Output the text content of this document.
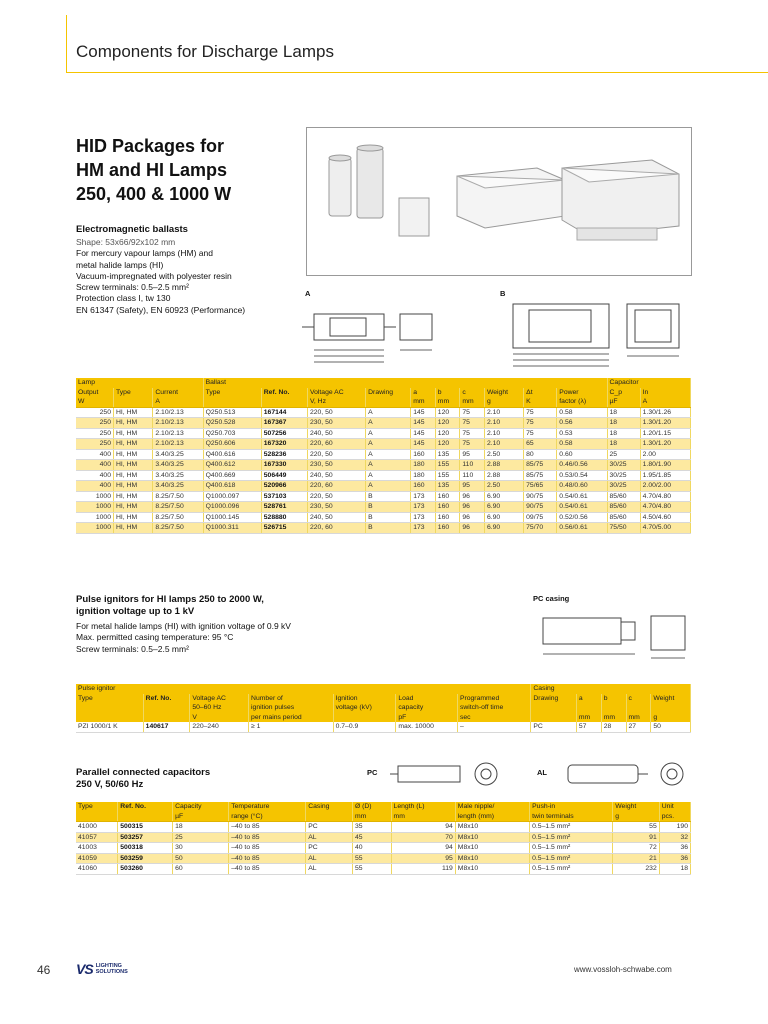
Components for Discharge Lamps
HID Packages for
HM and HI Lamps
250, 400 & 1000 W
Electromagnetic ballasts
Shape: 53x66/92x102 mm
For mercury vapour lamps (HM) and
metal halide lamps (HI)
Vacuum-impregnated with polyester resin
Screw terminals: 0.5–2.5 mm²
Protection class I, tw 130
EN 61347 (Safety), EN 60923 (Performance)
A	B
Lamp			Ballast										Capacitor	
Output	Type	Current	Type	Ref. No.	Voltage AC	Drawing	a	b	c	Weight	Δt	Power	C_p	In
W		A			V, Hz		mm	mm	mm	g	K	factor (λ)	µF	A
250	HI, HM	2.10/2.13	Q250.513	167144	220, 50	A	145	120	75	2.10	75	0.58	18	1.30/1.26
250	HI, HM	2.10/2.13	Q250.528	167367	230, 50	A	145	120	75	2.10	75	0.56	18	1.30/1.20
250	HI, HM	2.10/2.13	Q250.703	507256	240, 50	A	145	120	75	2.10	75	0.53	18	1.20/1.15
250	HI, HM	2.10/2.13	Q250.606	167320	220, 60	A	145	120	75	2.10	65	0.58	18	1.30/1.20
400	HI, HM	3.40/3.25	Q400.616	528236	220, 50	A	160	135	95	2.50	80	0.60	25	2.00
400	HI, HM	3.40/3.25	Q400.612	167330	230, 50	A	180	155	110	2.88	85/75	0.46/0.56	30/25	1.80/1.90
400	HI, HM	3.40/3.25	Q400.669	506449	240, 50	A	180	155	110	2.88	85/75	0.53/0.54	30/25	1.95/1.85
400	HI, HM	3.40/3.25	Q400.618	520966	220, 60	A	160	135	95	2.50	75/65	0.48/0.60	30/25	2.00/2.00
1000	HI, HM	8.25/7.50	Q1000.097	537103	220, 50	B	173	160	96	6.90	90/75	0.54/0.61	85/60	4.70/4.80
1000	HI, HM	8.25/7.50	Q1000.096	528761	230, 50	B	173	160	96	6.90	90/75	0.54/0.61	85/60	4.70/4.80
1000	HI, HM	8.25/7.50	Q1000.145	528880	240, 50	B	173	160	96	6.90	09/75	0.52/0.56	85/60	4.50/4.60
1000	HI, HM	8.25/7.50	Q1000.311	526715	220, 60	B	173	160	96	6.90	75/70	0.56/0.61	75/50	4.70/5.00
Pulse ignitors for HI lamps 250 to 2000 W,
ignition voltage up to 1 kV
For metal halide lamps (HI) with ignition voltage of 0.9 kV
Max. permitted casing temperature: 95 °C
Screw terminals: 0.5–2.5 mm²
PC casing
Pulse ignitor							Casing				
Type	Ref. No.	Voltage AC	Number of	Ignition	Load	Programmed	Drawing	a	b	c	Weight
		50–60 Hz	ignition pulses	voltage (kV)	capacity	switch-off time					
		V	per mains period		pF	sec		mm	mm	mm	g
PZI 1000/1 K	140617	220–240	≥ 1	0.7–0.9	max. 10000	–	PC	57	28	27	50
Parallel connected capacitors
250 V, 50/60 Hz
PC	AL
Type	Ref. No.	Capacity	Temperature	Casing	Ø (D)	Length (L)	Male nipple/	Push-in	Weight	Unit
		µF	range (°C)		mm	mm	length (mm)	twin terminals	g	pcs.
41000	500315	18	–40 to 85	PC	35	94	M8x10	0.5–1.5 mm²	55	190
41057	503257	25	–40 to 85	AL	45	70	M8x10	0.5–1.5 mm²	91	32
41003	500318	30	–40 to 85	PC	40	94	M8x10	0.5–1.5 mm²	72	36
41059	503259	50	–40 to 85	AL	55	95	M8x10	0.5–1.5 mm²	21	36
41060	503260	60	–40 to 85	AL	55	119	M8x10	0.5–1.5 mm²	232	18
46 VS LIGHTING
SOLUTIONS	www.vossloh-schwabe.com
